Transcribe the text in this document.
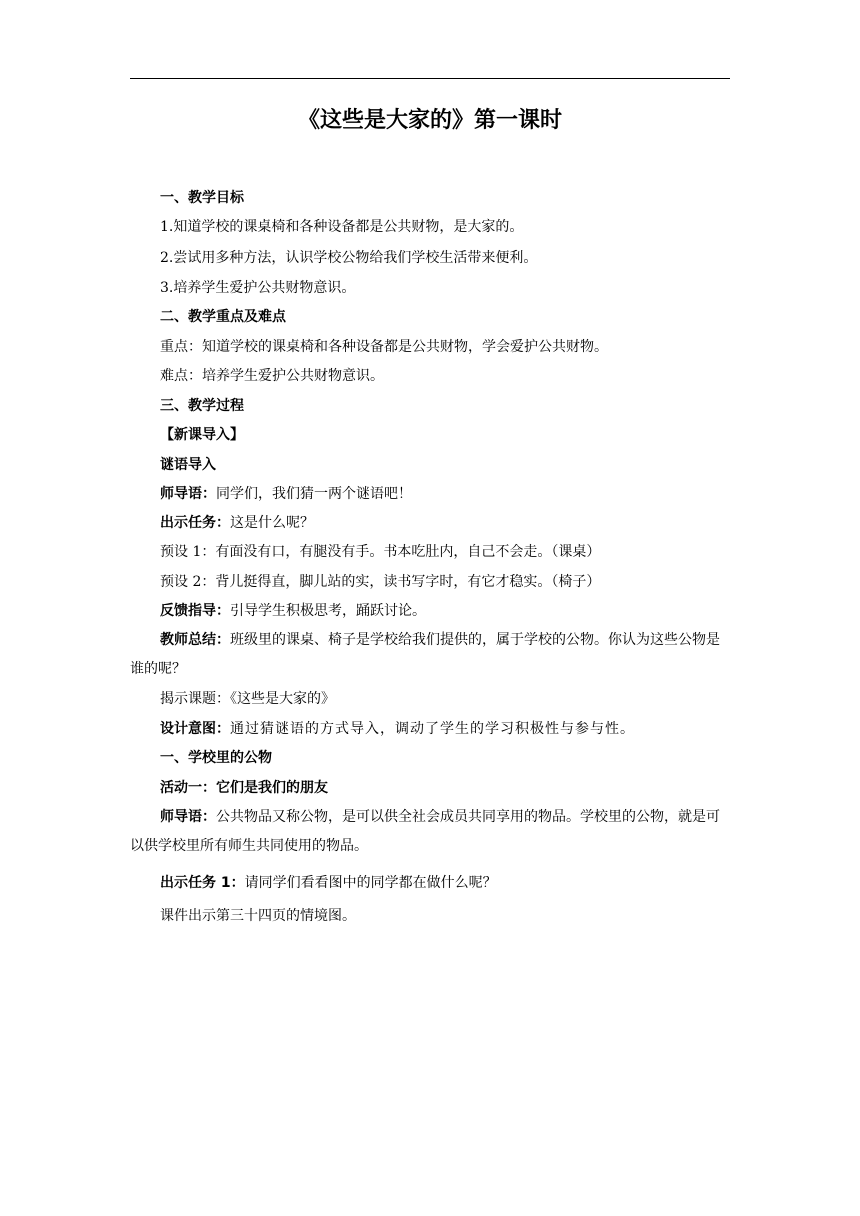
《这些是大家的》第一课时
一、教学目标
1.知道学校的课桌椅和各种设备都是公共财物，是大家的。
2.尝试用多种方法，认识学校公物给我们学校生活带来便利。
3.培养学生爱护公共财物意识。
二、教学重点及难点
重点：知道学校的课桌椅和各种设备都是公共财物，学会爱护公共财物。
难点：培养学生爱护公共财物意识。
三、教学过程
【新课导入】
谜语导入
师导语：同学们，我们猜一两个谜语吧！
出示任务：这是什么呢？
预设 1：有面没有口，有腿没有手。书本吃肚内，自己不会走。（课桌）
预设 2：背儿挺得直，脚儿站的实，读书写字时，有它才稳实。（椅子）
反馈指导：引导学生积极思考，踊跃讨论。
教师总结：班级里的课桌、椅子是学校给我们提供的，属于学校的公物。你认为这些公物是谁的呢？
揭示课题：《这些是大家的》
设计意图：通过猜谜语的方式导入，调动了学生的学习积极性与参与性。
一、学校里的公物
活动一：它们是我们的朋友
师导语：公共物品又称公物，是可以供全社会成员共同享用的物品。学校里的公物，就是可以供学校里所有师生共同使用的物品。
出示任务 1：请同学们看看图中的同学都在做什么呢？
课件出示第三十四页的情境图。
